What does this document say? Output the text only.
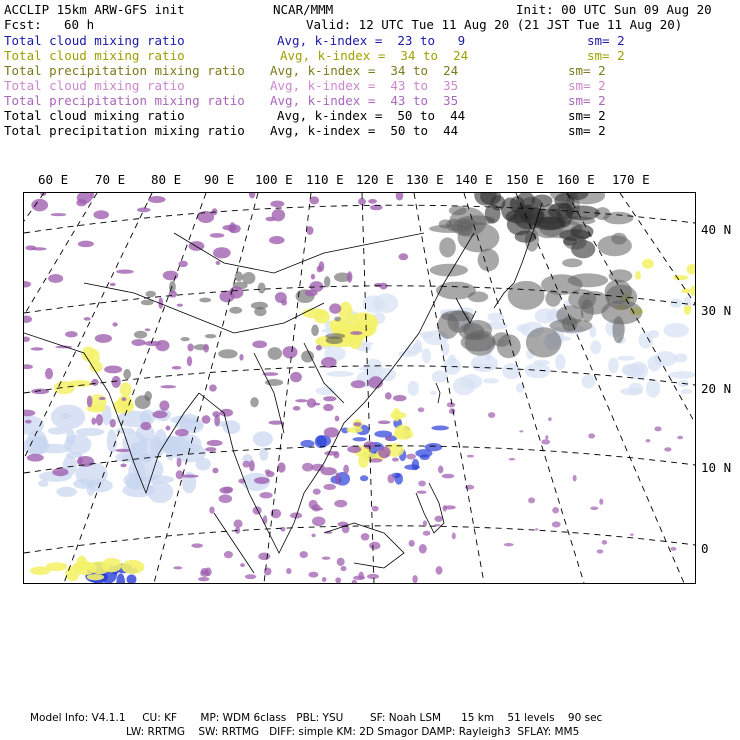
ACCLIP 15km ARW-GFS init	NCAR/MMM	Init: 00 UTC Sun 09 Aug 20
Fcst: 60 h	Valid: 12 UTC Tue 11 Aug 20 (21 JST Tue 11 Aug 20)
Total cloud mixing ratio	Avg, k-index =  23 to   9	sm= 2
Total cloud mixing ratio	Avg, k-index =  34 to  24	sm= 2
Total precipitation mixing ratio Avg, k-index =  34 to  24	sm= 2
Total cloud mixing ratio	Avg, k-index =  43 to  35	sm= 2
Total precipitation mixing ratio Avg, k-index =  43 to  35	sm= 2
Total cloud mixing ratio	Avg, k-index =  50 to  44	sm= 2
Total precipitation mixing ratio Avg, k-index =  50 to  44	sm= 2
60 E 70 E 80 E 90 E 100 E 110 E 120 E 130 E 140 E 150 E 160 E 170 E
40 N
30 N
20 N
10 N
0
Model Info: V4.1.1     CU: KF       MP: WDM 6class   PBL: YSU        SF: Noah LSM      15 km    51 levels    90 sec
LW: RRTMG    SW: RRTMG   DIFF: simple KM: 2D Smagor DAMP: Rayleigh3  SFLAY: MM5
